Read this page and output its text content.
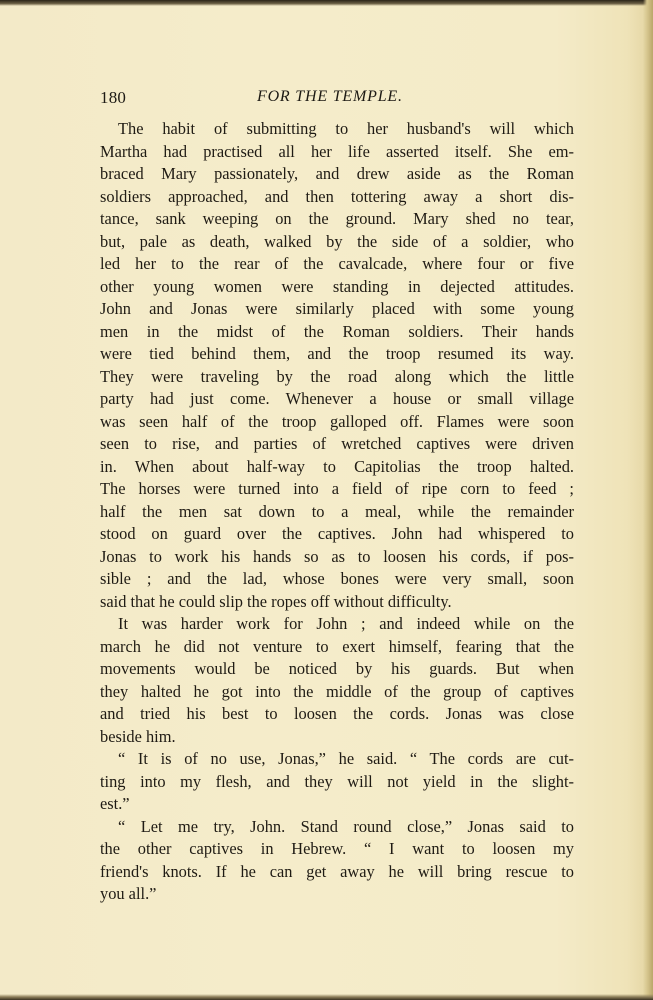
180	FOR THE TEMPLE.
The habit of submitting to her husband's will which
Martha had practised all her life asserted itself. She em-
braced Mary passionately, and drew aside as the Roman
soldiers approached, and then tottering away a short dis-
tance, sank weeping on the ground. Mary shed no tear,
but, pale as death, walked by the side of a soldier, who
led her to the rear of the cavalcade, where four or five
other young women were standing in dejected attitudes.
John and Jonas were similarly placed with some young
men in the midst of the Roman soldiers. Their hands
were tied behind them, and the troop resumed its way.
They were traveling by the road along which the little
party had just come. Whenever a house or small village
was seen half of the troop galloped off. Flames were soon
seen to rise, and parties of wretched captives were driven
in. When about half-way to Capitolias the troop halted.
The horses were turned into a field of ripe corn to feed ;
half the men sat down to a meal, while the remainder
stood on guard over the captives. John had whispered to
Jonas to work his hands so as to loosen his cords, if pos-
sible ; and the lad, whose bones were very small, soon
said that he could slip the ropes off without difficulty.
It was harder work for John ; and indeed while on the
march he did not venture to exert himself, fearing that the
movements would be noticed by his guards. But when
they halted he got into the middle of the group of captives
and tried his best to loosen the cords. Jonas was close
beside him.
“ It is of no use, Jonas,” he said. “ The cords are cut-
ting into my flesh, and they will not yield in the slight-
est.”
“ Let me try, John. Stand round close,” Jonas said to
the other captives in Hebrew. “ I want to loosen my
friend's knots. If he can get away he will bring rescue to
you all.”
